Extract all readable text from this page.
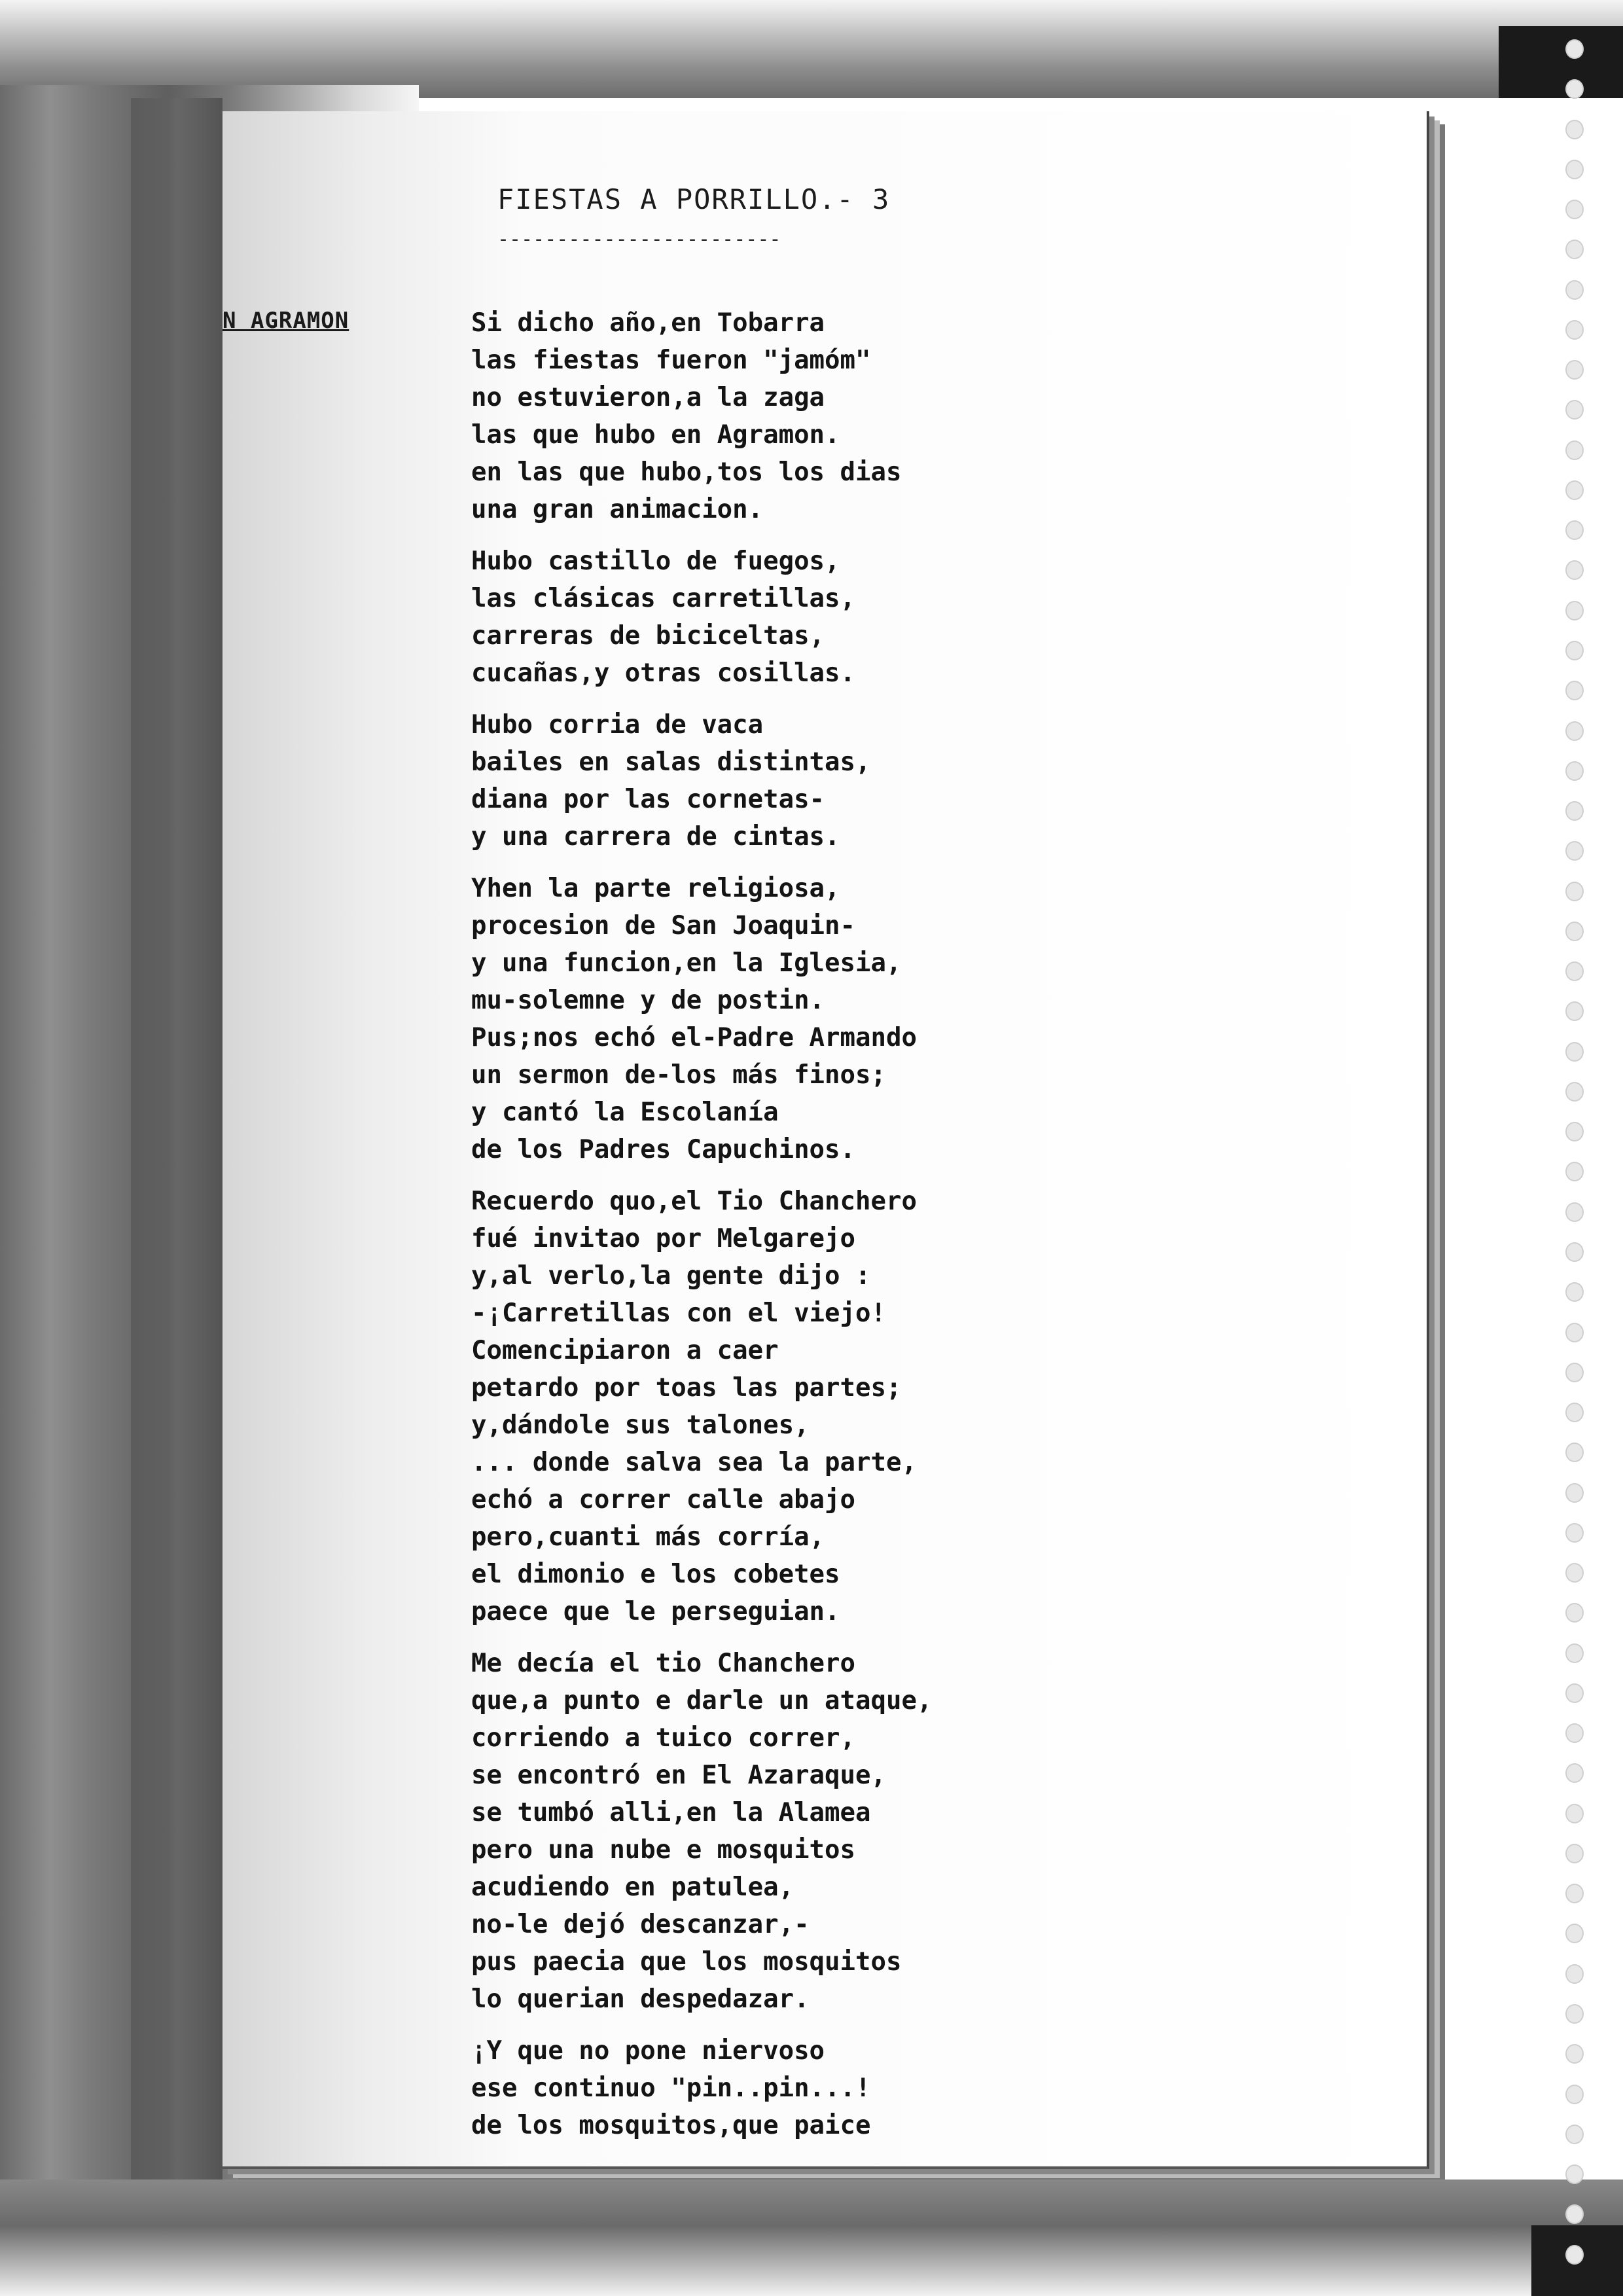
N AGRAMON
FIESTAS A PORRILLO.- 3
------------------------
Si dicho año,en Tobarra
las fiestas fueron "jamóm"
no estuvieron,a la zaga
las que hubo en Agramon.
en las que hubo,tos los dias
una gran animacion.
Hubo castillo de fuegos,
las clásicas carretillas,
carreras de biciceltas,
cucañas,y otras cosillas.
Hubo corria de vaca
bailes en salas distintas,
diana por las cornetas-
y una carrera de cintas.
Yhen la parte religiosa,
procesion de San Joaquin-
y una funcion,en la Iglesia,
mu-solemne y de postin.
Pus;nos echó el-Padre Armando
un sermon de-los más finos;
y cantó la Escolanía
de los Padres Capuchinos.
Recuerdo quo,el Tio Chanchero
fué invitao por Melgarejo
y,al verlo,la gente dijo :
-¡Carretillas con el viejo!
Comencipiaron a caer
petardo por toas las partes;
y,dándole sus talones,
... donde salva sea la parte,
echó a correr calle abajo
pero,cuanti más corría,
el dimonio e los cobetes
paece que le perseguian.
Me decía el tio Chanchero
que,a punto e darle un ataque,
corriendo a tuico correr,
se encontró en El Azaraque,
se tumbó alli,en la Alamea
pero una nube e mosquitos
acudiendo en patulea,
no-le dejó descanzar,-
pus paecia que los mosquitos
lo querian despedazar.
¡Y que no pone niervoso
ese continuo "pin..pin...!
de los mosquitos,que paice
